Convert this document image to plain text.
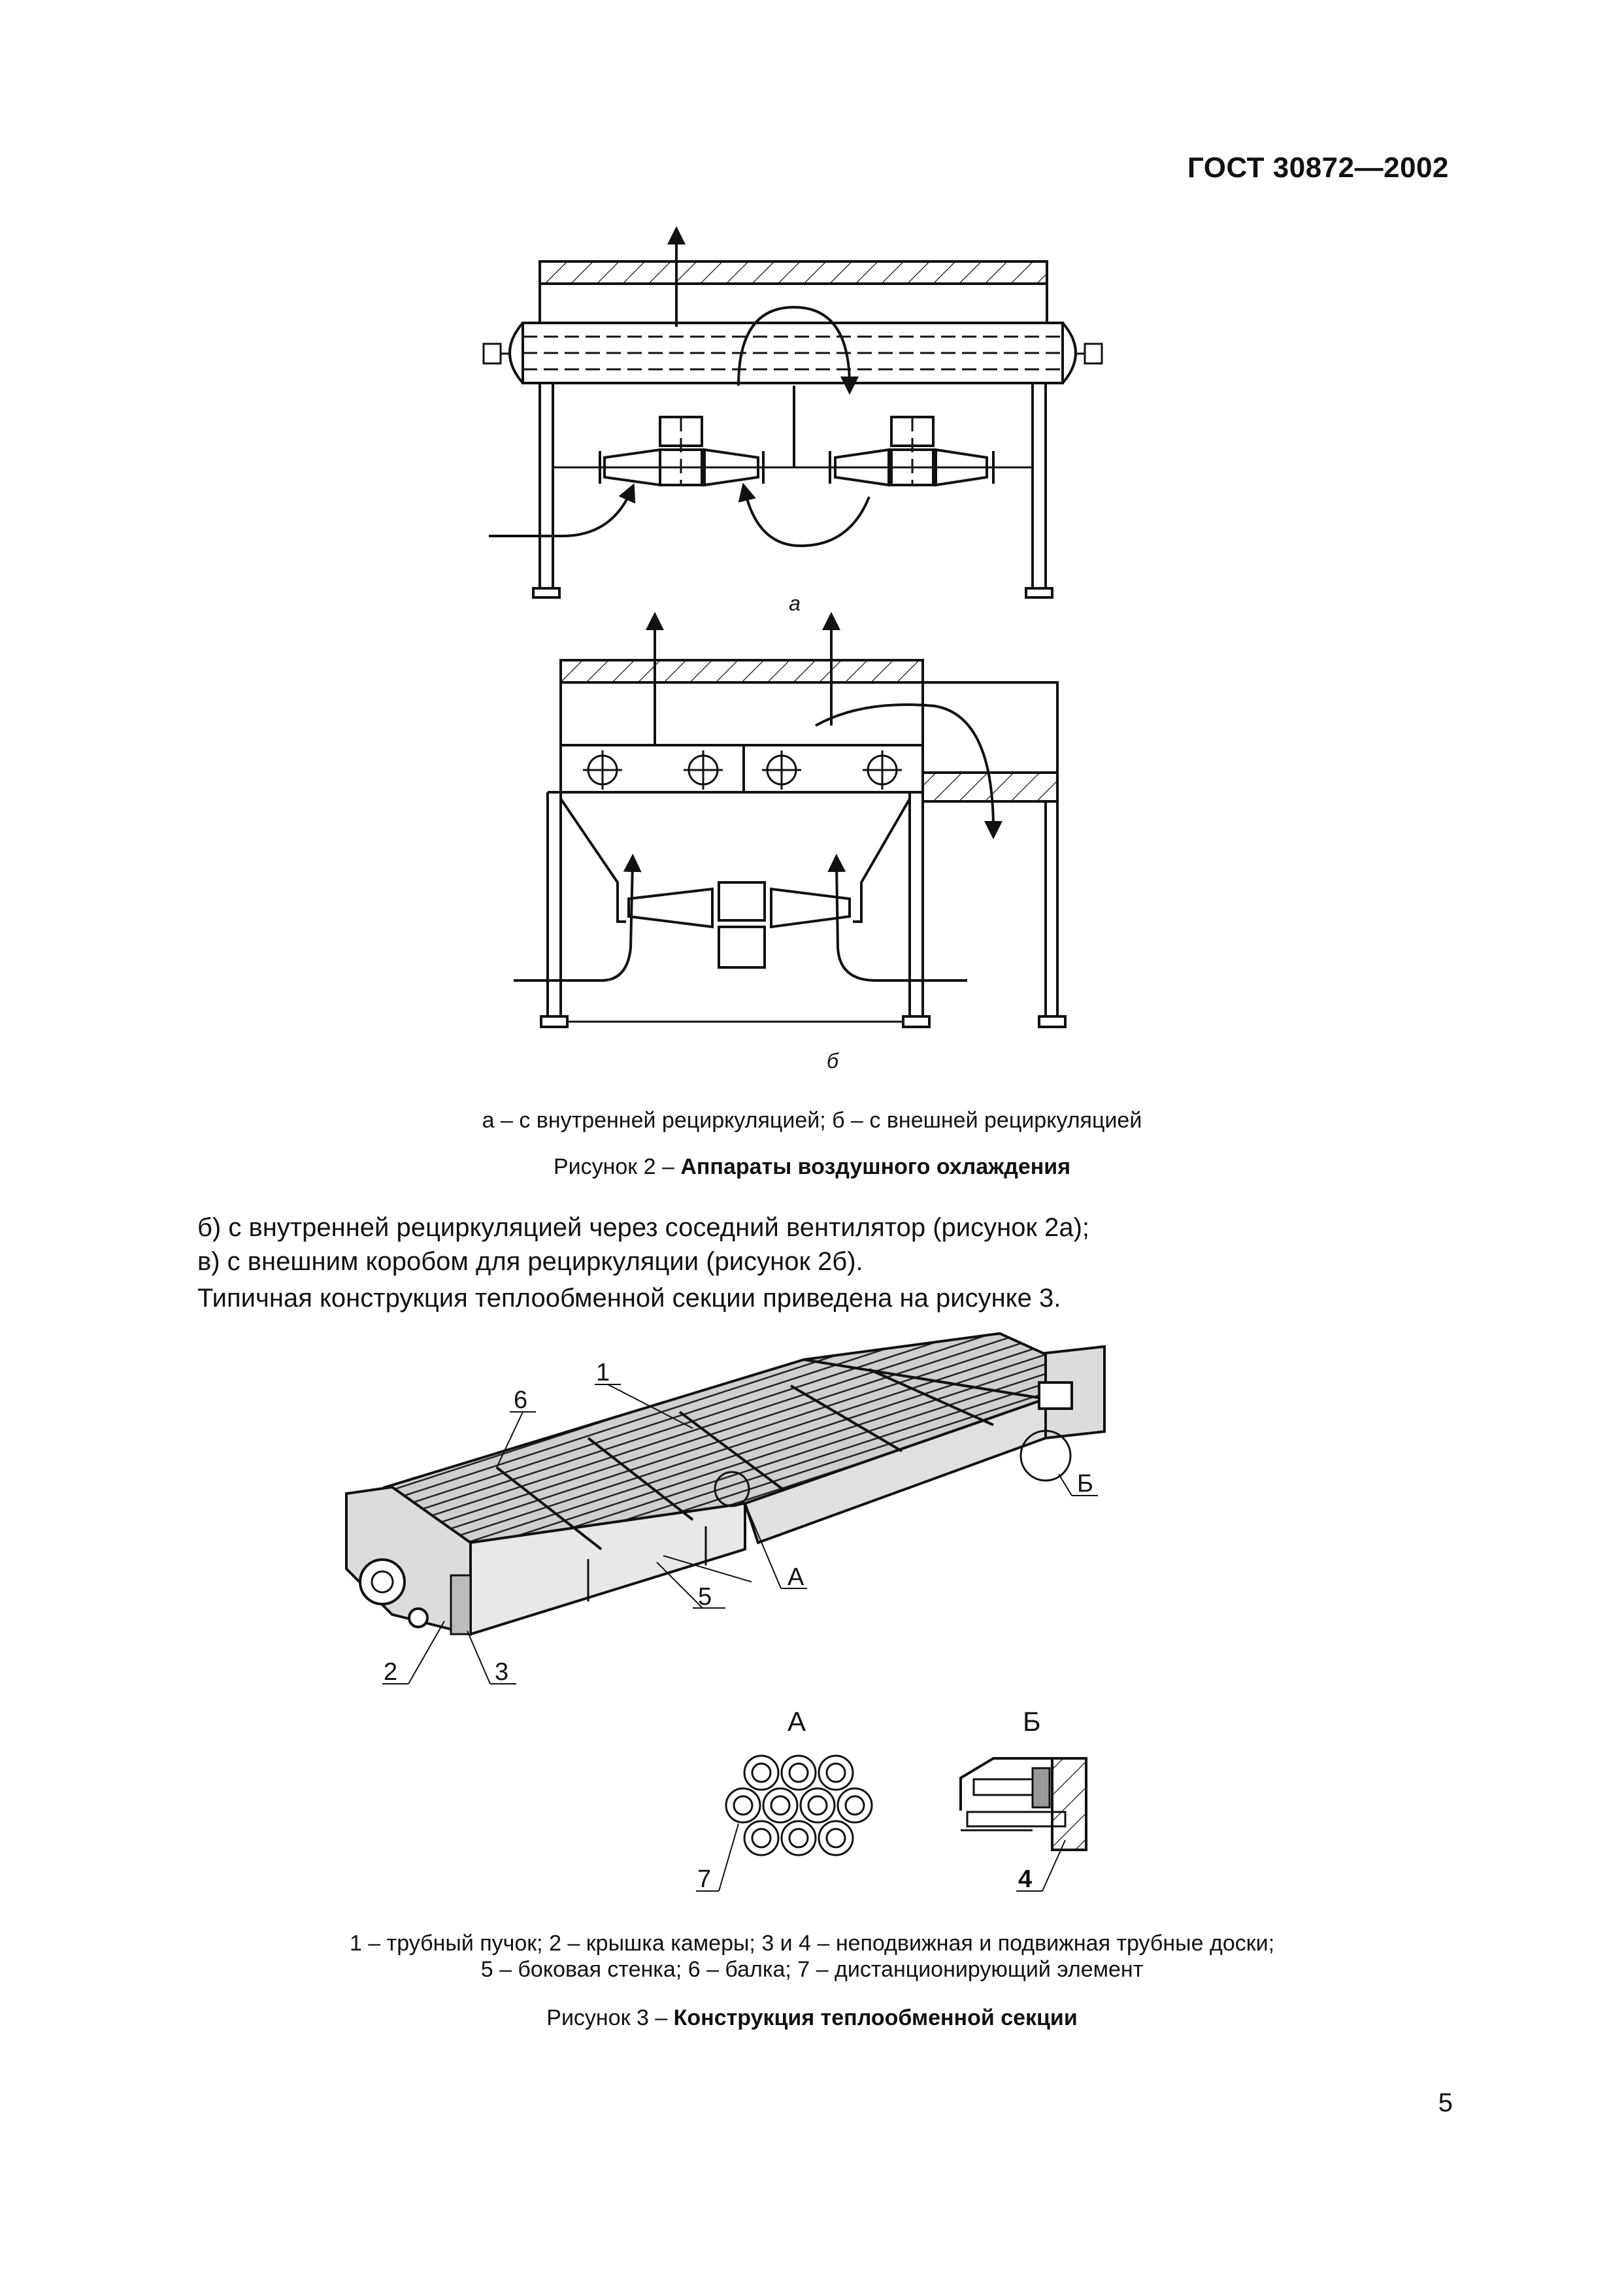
ГОСТ 30872—2002
а
б
а – с внутренней рециркуляцией; б – с внешней рециркуляцией
Рисунок 2 – Аппараты воздушного охлаждения
б) с внутренней рециркуляцией через соседний вентилятор (рисунок 2а);
в) с внешним коробом для рециркуляции (рисунок 2б).
Типичная конструкция теплообменной секции приведена на рисунке 3.
1
6
5
А
Б
2	3
А
7
Б
4
1 – трубный пучок; 2 – крышка камеры; 3 и 4 – неподвижная и подвижная трубные доски;
5 – боковая стенка; 6 – балка; 7 – дистанционирующий элемент
Рисунок 3 – Конструкция теплообменной секции
5
